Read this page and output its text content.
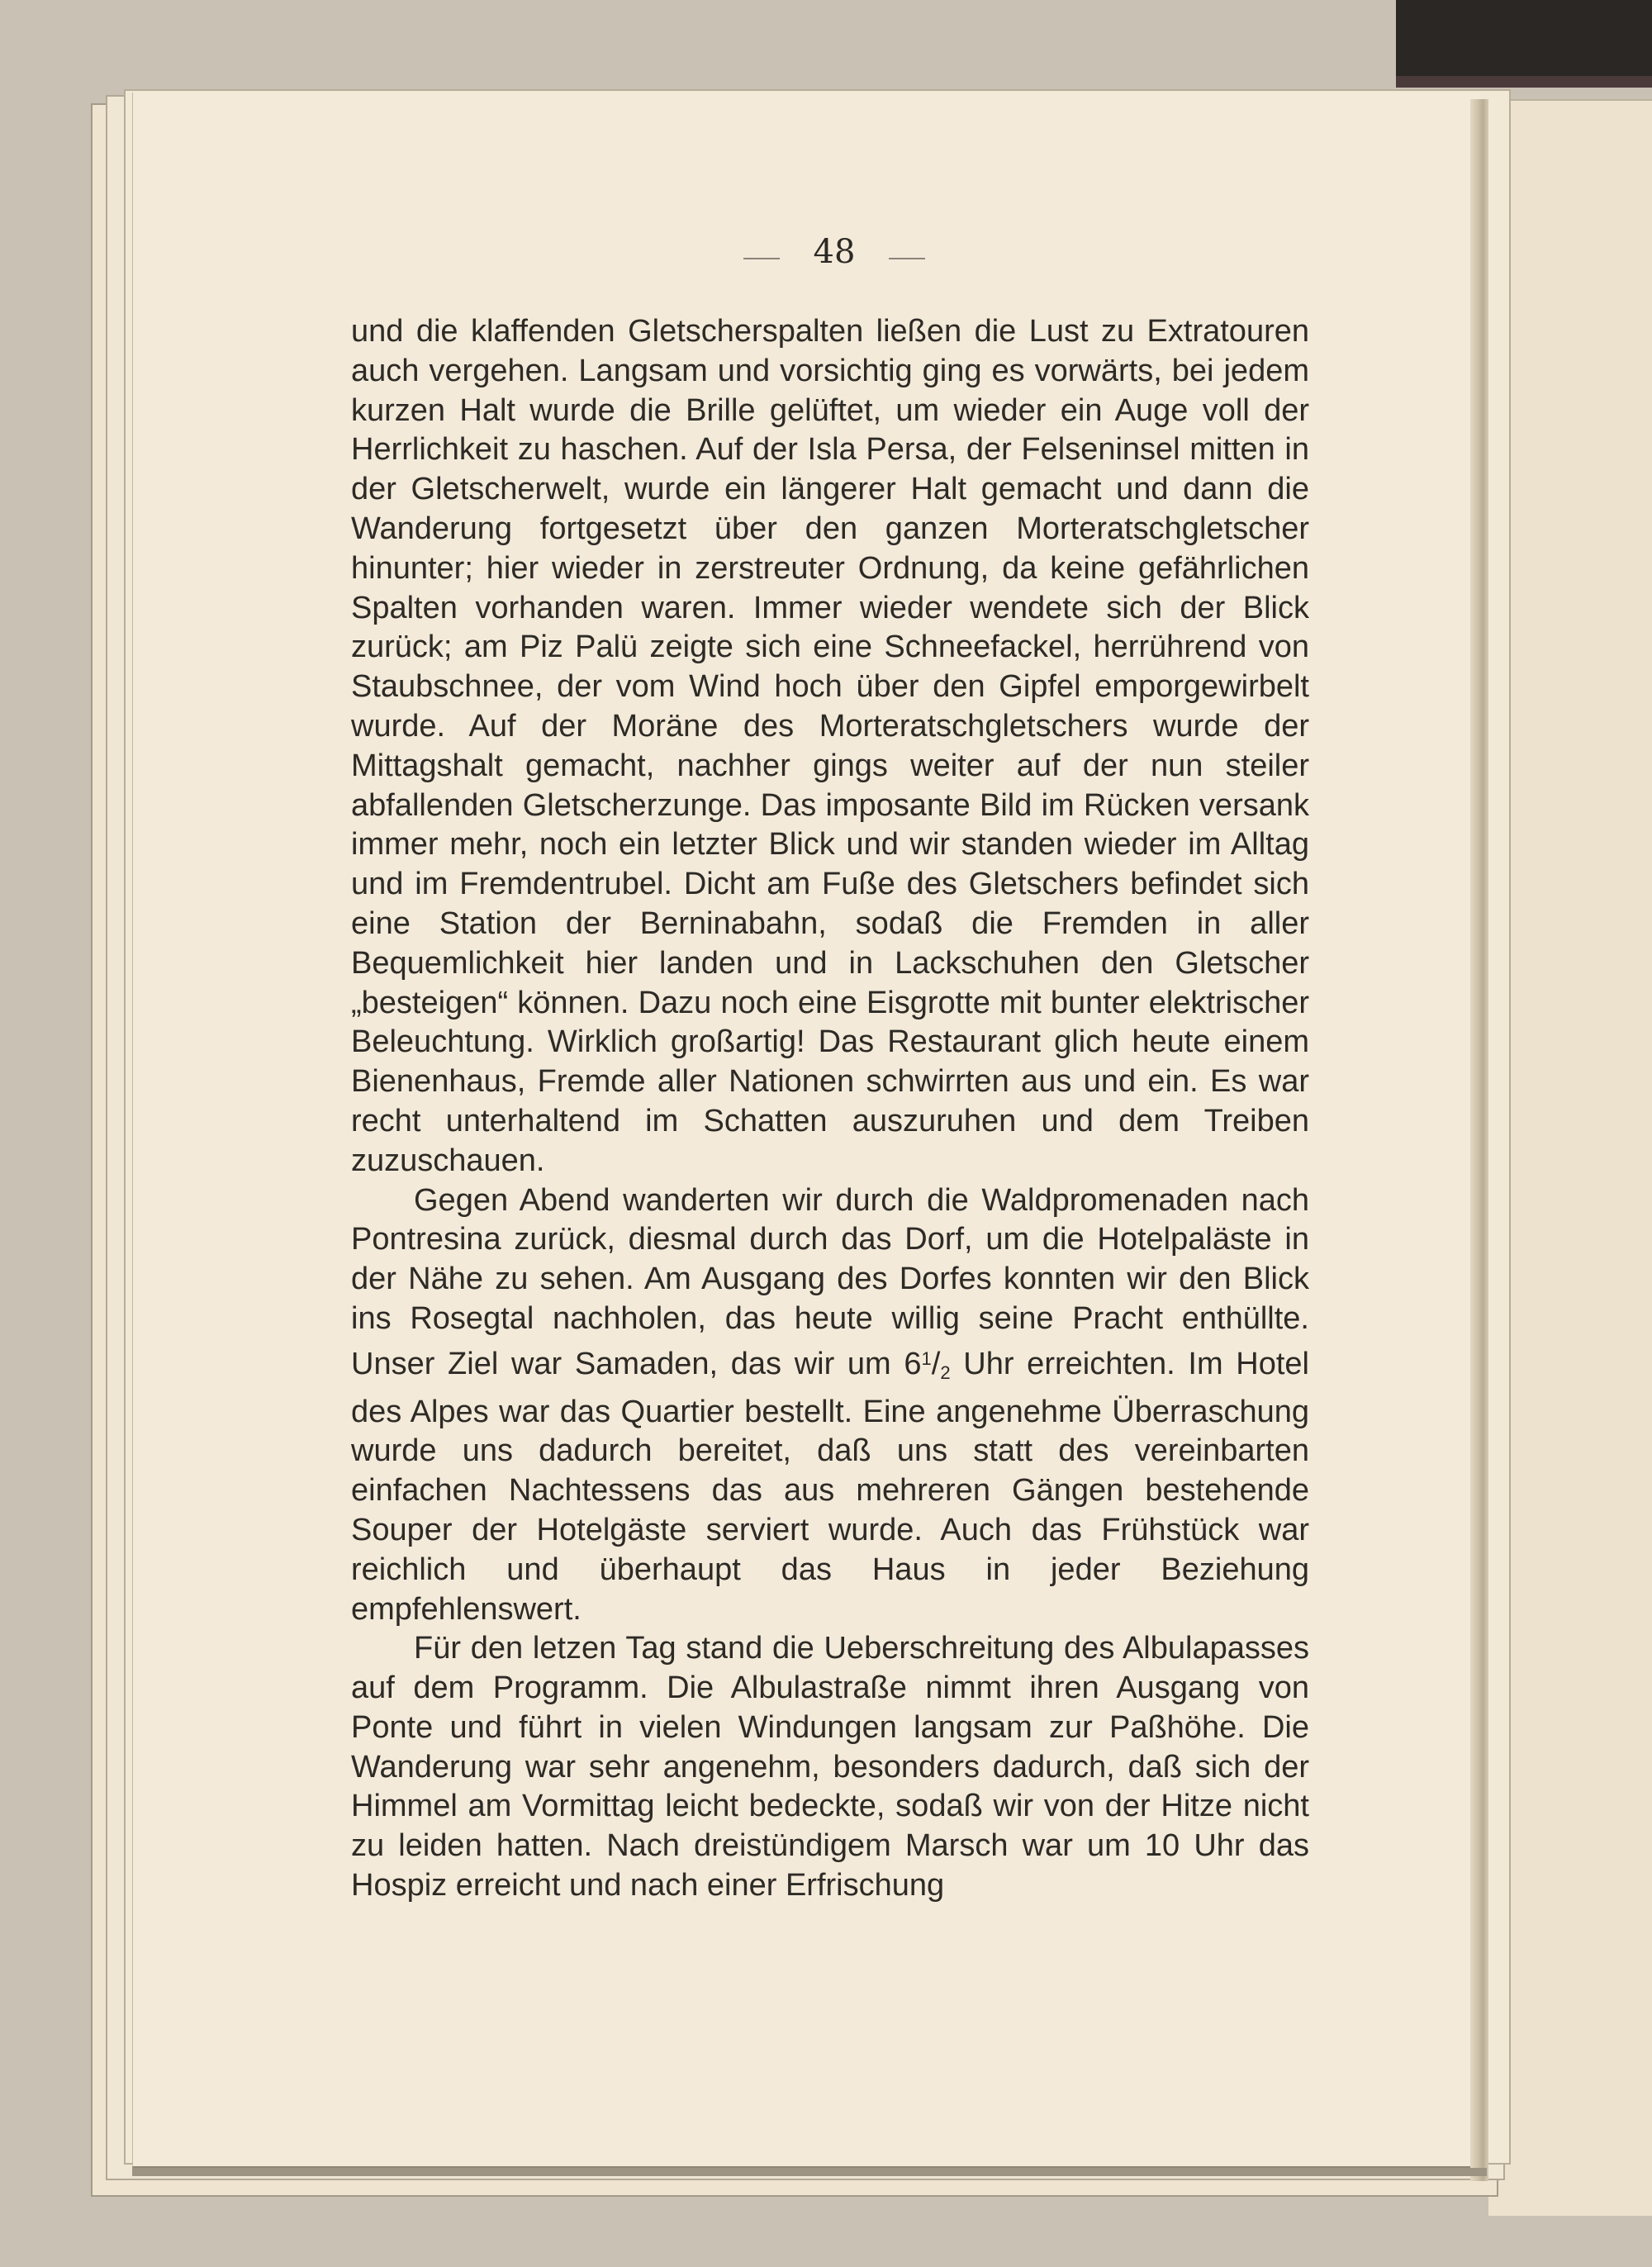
48

und die klaffenden Gletscherspalten ließen die Lust zu Extratouren auch vergehen. Langsam und vorsichtig ging es vorwärts, bei jedem kurzen Halt wurde die Brille gelüftet, um wieder ein Auge voll der Herrlichkeit zu haschen. Auf der Isla Persa, der Felseninsel mitten in der Gletscherwelt, wurde ein längerer Halt gemacht und dann die Wanderung fortgesetzt über den ganzen Morteratschgletscher hinunter; hier wieder in zerstreuter Ordnung, da keine gefährlichen Spalten vorhanden waren. Immer wieder wendete sich der Blick zurück; am Piz Palü zeigte sich eine Schneefackel, herrührend von Staubschnee, der vom Wind hoch über den Gipfel emporgewirbelt wurde. Auf der Moräne des Morteratschgletschers wurde der Mittagshalt gemacht, nachher gings weiter auf der nun steiler abfallenden Gletscherzunge. Das imposante Bild im Rücken versank immer mehr, noch ein letzter Blick und wir standen wieder im Alltag und im Fremdentrubel. Dicht am Fuße des Gletschers befindet sich eine Station der Berninabahn, sodaß die Fremden in aller Bequemlichkeit hier landen und in Lackschuhen den Gletscher „besteigen“ können. Dazu noch eine Eisgrotte mit bunter elektrischer Beleuchtung. Wirklich großartig! Das Restaurant glich heute einem Bienenhaus, Fremde aller Nationen schwirrten aus und ein. Es war recht unterhaltend im Schatten auszuruhen und dem Treiben zuzuschauen.

Gegen Abend wanderten wir durch die Waldpromenaden nach Pontresina zurück, diesmal durch das Dorf, um die Hotelpaläste in der Nähe zu sehen. Am Ausgang des Dorfes konnten wir den Blick ins Rosegtal nachholen, das heute willig seine Pracht enthüllte. Unser Ziel war Samaden, das wir um $6^1/2$ Uhr erreichten. Im Hotel des Alpes war das Quartier bestellt. Eine angenehme Überraschung wurde uns dadurch bereitet, daß uns statt des vereinbarten einfachen Nachtessens das aus mehreren Gängen bestehende Souper der Hotelgäste serviert wurde. Auch das Frühstück war reichlich und überhaupt das Haus in jeder Beziehung empfehlenswert.

Für den letzen Tag stand die Ueberschreitung des Albulapasses auf dem Programm. Die Albulastraße nimmt ihren Ausgang von Ponte und führt in vielen Windungen langsam zur Paßhöhe. Die Wanderung war sehr angenehm, besonders dadurch, daß sich der Himmel am Vormittag leicht bedeckte, sodaß wir von der Hitze nicht zu leiden hatten. Nach dreistündigem Marsch war um 10 Uhr das Hospiz erreicht und nach einer Erfrischung
